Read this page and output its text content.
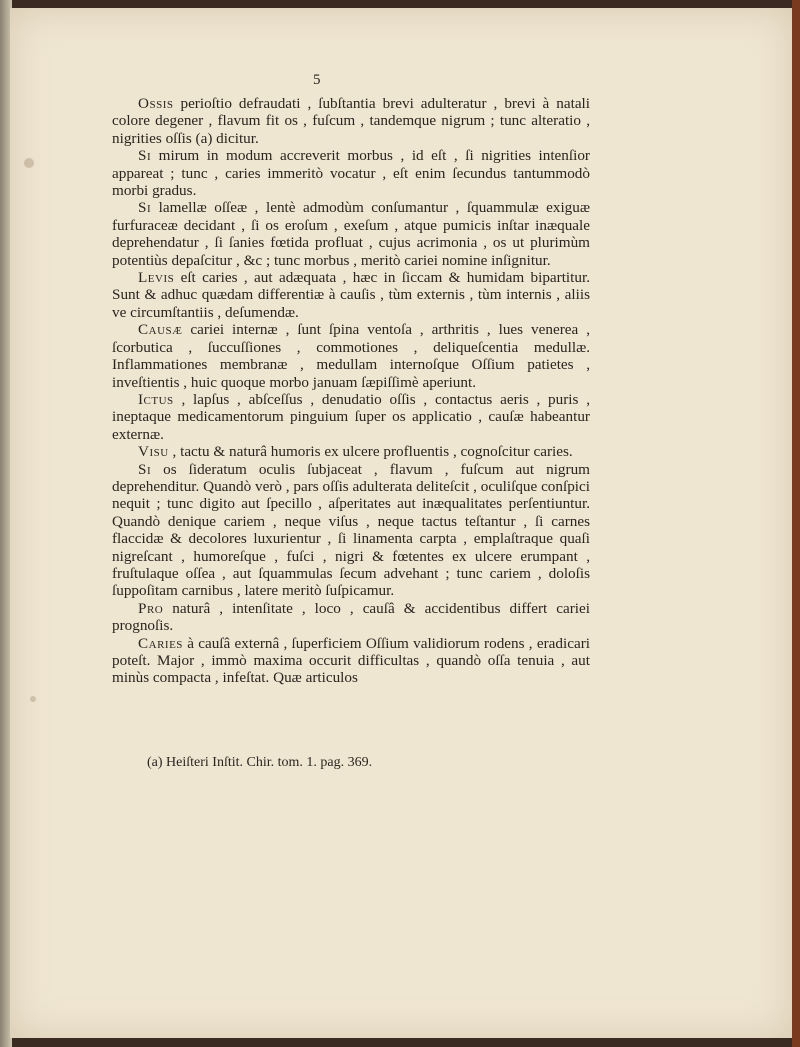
5

Ossis perioſtio defraudati , ſubſtantia brevi adulteratur , brevi à natali colore degener , flavum fit os , fuſcum , tandemque nigrum ; tunc alteratio , nigrities oſſis (a) dicitur.

Si mirum in modum accreverit morbus , id eſt , ſi nigrities intenſior appareat ; tunc , caries immeritò vocatur , eſt enim ſecundus tantummodò morbi gradus.

Si lamellæ oſſeæ , lentè admodùm conſumantur , ſquammulæ exiguæ furfuraceæ decidant , ſi os eroſum , exeſum , atque pumicis inſtar inæquale deprehendatur , ſi ſanies fœtida profluat , cujus acrimonia , os ut plurimùm potentiùs depaſcitur , &c ; tunc morbus , meritò cariei nomine inſignitur.

Levis eſt caries , aut adæquata , hæc in ſiccam & humidam bipartitur. Sunt & adhuc quædam differentiæ à cauſis , tùm externis , tùm internis , aliis ve circumſtantiis , deſumendæ.

Causæ cariei internæ , ſunt ſpina ventoſa , arthritis , lues venerea , ſcorbutica , ſuccuſſiones , commotiones , deliqueſcentia medullæ. Inflammationes membranæ , medullam internoſque Oſſium patietes , inveſtientis , huic quoque morbo januam ſæpiſſimè aperiunt.

Ictus , lapſus , abſceſſus , denudatio oſſis , contactus aeris , puris , ineptaque medicamentorum pinguium ſuper os applicatio , cauſæ habeantur externæ.

Visu , tactu & naturâ humoris ex ulcere profluentis , cognoſcitur caries.

Si os ſideratum oculis ſubjaceat , flavum , fuſcum aut nigrum deprehenditur. Quandò verò , pars oſſis adulterata deliteſcit , oculiſque conſpici nequit ; tunc digito aut ſpecillo , aſperitates aut inæqualitates perſentiuntur. Quandò denique cariem , neque viſus , neque tactus teſtantur , ſi carnes flaccidæ & decolores luxurientur , ſi linamenta carpta , emplaſtraque quaſi nigreſcant , humoreſque , fuſci , nigri & fœtentes ex ulcere erumpant , fruſtulaque oſſea , aut ſquammulas ſecum advehant ; tunc cariem , doloſis ſuppoſitam carnibus , latere meritò ſuſpicamur.

Pro naturâ , intenſitate , loco , cauſâ & accidentibus differt cariei prognoſis.

Caries à cauſâ externâ , ſuperficiem Oſſium validiorum rodens , eradicari poteſt. Major , immò maxima occurit difficultas , quandò oſſa tenuia , aut minùs compacta , infeſtat. Quæ articulos

(a) Heiſteri Inſtit. Chir. tom. 1. pag. 369.
